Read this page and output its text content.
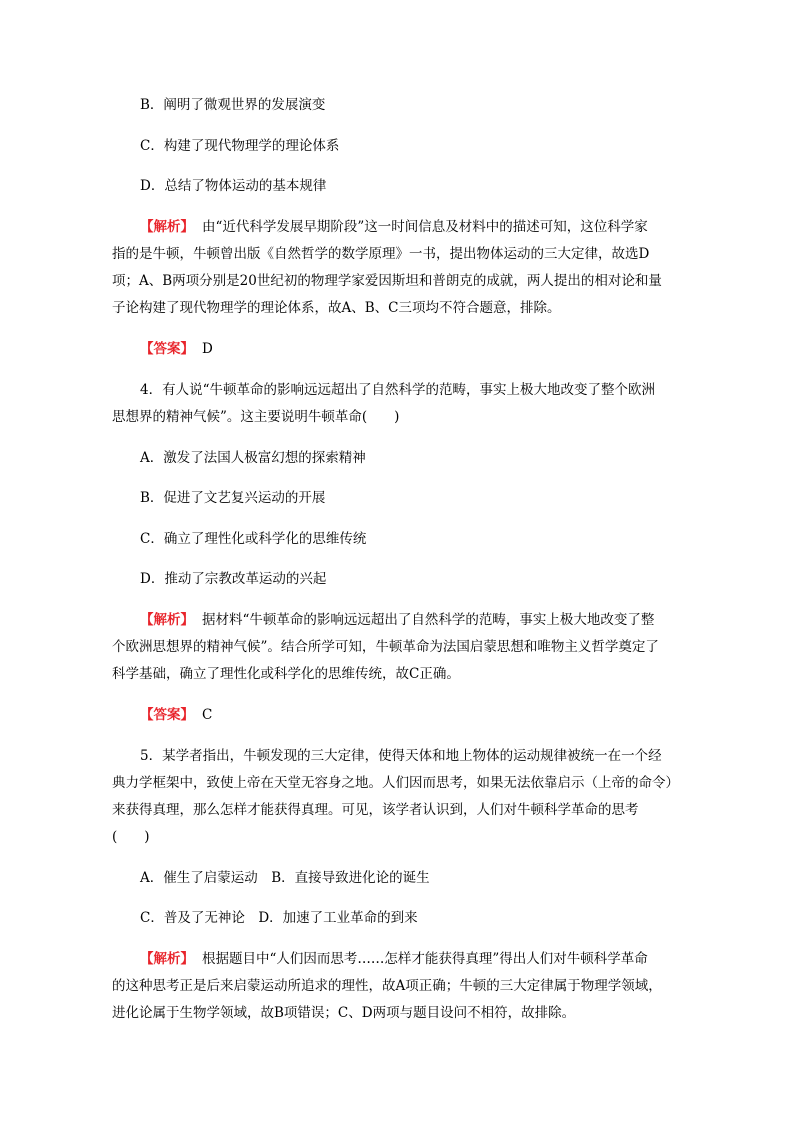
B．阐明了微观世界的发展演变
C．构建了现代物理学的理论体系
D．总结了物体运动的基本规律
【解析】 由“近代科学发展早期阶段”这一时间信息及材料中的描述可知，这位科学家
指的是牛顿，牛顿曾出版《自然哲学的数学原理》一书，提出物体运动的三大定律，故选D
项；A、B两项分别是20世纪初的物理学家爱因斯坦和普朗克的成就，两人提出的相对论和量
子论构建了现代物理学的理论体系，故A、B、C三项均不符合题意，排除。
【答案】 D
4．有人说“牛顿革命的影响远远超出了自然科学的范畴，事实上极大地改变了整个欧洲
思想界的精神气候”。这主要说明牛顿革命(　　)
A．激发了法国人极富幻想的探索精神
B．促进了文艺复兴运动的开展
C．确立了理性化或科学化的思维传统
D．推动了宗教改革运动的兴起
【解析】 据材料“牛顿革命的影响远远超出了自然科学的范畴，事实上极大地改变了整
个欧洲思想界的精神气候”。结合所学可知，牛顿革命为法国启蒙思想和唯物主义哲学奠定了
科学基础，确立了理性化或科学化的思维传统，故C正确。
【答案】 C
5．某学者指出，牛顿发现的三大定律，使得天体和地上物体的运动规律被统一在一个经
典力学框架中，致使上帝在天堂无容身之地。人们因而思考，如果无法依靠启示（上帝的命令）
来获得真理，那么怎样才能获得真理。可见，该学者认识到，人们对牛顿科学革命的思考
(　　)
A．催生了启蒙运动　B．直接导致进化论的诞生
C．普及了无神论　D．加速了工业革命的到来
【解析】 根据题目中“人们因而思考……怎样才能获得真理”得出人们对牛顿科学革命
的这种思考正是后来启蒙运动所追求的理性，故A项正确；牛顿的三大定律属于物理学领域，
进化论属于生物学领域，故B项错误；C、D两项与题目设问不相符，故排除。
